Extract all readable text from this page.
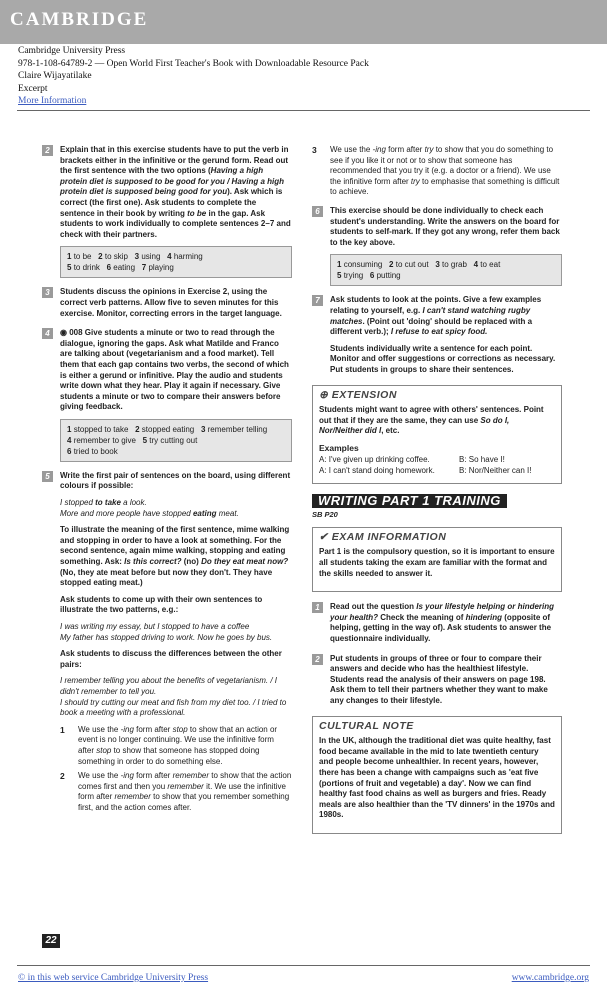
CAMBRIDGE
Cambridge University Press
978-1-108-64789-2 — Open World First Teacher's Book with Downloadable Resource Pack
Claire Wijayatilake
Excerpt
More Information
2	Explain that in this exercise students have to put the verb in brackets either in the infinitive or the gerund form. Read out the first sentence with the two options (Having a high protein diet is supposed to be good for you / Having a high protein diet is supposed being good for you). Ask which is correct (the first one). Ask students to complete the sentence in their book by writing to be in the gap. Ask students to work individually to complete sentences 2–7 and check with their partners.

1 to be 2 to skip 3 using 4 harming
5 to drink 6 eating 7 playing
3	Students discuss the opinions in Exercise 2, using the correct verb patterns. Allow five to seven minutes for this exercise. Monitor, correcting errors in the target language.

4	◉ 008 Give students a minute or two to read through the dialogue, ignoring the gaps. Ask what Matilde and Franco are talking about (vegetarianism and a food market). Tell them that each gap contains two verbs, the second of which is either a gerund or infinitive. Play the audio and students write down what they hear. Play it again if necessary. Give students a minute or two to compare their answers before giving feedback.

1 stopped to take 2 stopped eating 3 remember telling
4 remember to give 5 try cutting out
6 tried to book
5	Write the first pair of sentences on the board, using different colours if possible:

I stopped to take a look.
More and more people have stopped eating meat.

To illustrate the meaning of the first sentence, mime walking and stopping in order to have a look at something. For the second sentence, again mime walking, stopping and eating something. Ask: Is this correct? (no) Do they eat meat now? (No, they ate meat before but now they don't. They have stopped eating meat.)

Ask students to come up with their own sentences to illustrate the two patterns, e.g.:

I was writing my essay, but I stopped to have a coffee
My father has stopped driving to work. Now he goes by bus.

Ask students to discuss the differences between the other pairs:

I remember telling you about the benefits of vegetarianism. / I didn't remember to tell you.
I should try cutting our meat and fish from my diet too. / I tried to book a meeting with a professional.

1 We use the -ing form after stop to show that an action or event is no longer continuing. We use the infinitive form after stop to show that someone has stopped doing something in order to do something else.
2 We use the -ing form after remember to show that the action comes first and then you remember it. We use the infinitive form after remember to show that you remember something first, and the action comes after.
3 We use the -ing form after try to show that you do something to see if you like it or not or to show that someone has recommended that you try it (e.g. a doctor or a friend). We use the infinitive form after try to emphasise that something is difficult to achieve.
6	This exercise should be done individually to check each student's understanding. Write the answers on the board for students to self-mark. If they got any wrong, refer them back to the key above.

1 consuming 2 to cut out 3 to grab 4 to eat
5 trying 6 putting
7	Ask students to look at the points. Give a few examples relating to yourself, e.g. I can't stand watching rugby matches. (Point out 'doing' should be replaced with a different verb.); I refuse to eat spicy food.

Students individually write a sentence for each point. Monitor and offer suggestions or corrections as necessary. Put students in groups to share their sentences.

⊕ EXTENSION

Students might want to agree with others' sentences. Point out that if they are the same, they can use So do I, Nor/Neither did I, etc.

Examples
A: I've given up drinking coffee.	B: So have I!
A: I can't stand doing homework.	B: Nor/Neither can I!
WRITING PART 1 TRAINING
SB P20
✔ EXAM INFORMATION

Part 1 is the compulsory question, so it is important to ensure all students taking the exam are familiar with the format and the skills needed to answer it.

1	Read out the question Is your lifestyle helping or hindering your health? Check the meaning of hindering (opposite of helping, getting in the way of). Ask students to answer the questionnaire individually.

2	Put students in groups of three or four to compare their answers and decide who has the healthiest lifestyle. Students read the analysis of their answers on page 198. Ask them to tell their partners whether they want to make any changes to their lifestyle.

CULTURAL NOTE

In the UK, although the traditional diet was quite healthy, fast food became available in the mid to late twentieth century and people become unhealthier. In recent years, however, there has been a change with campaigns such as 'eat five (portions of fruit and vegetable) a day'. Now we can find healthy fast food chains as well as burgers and fries. Ready meals are also healthier than the 'TV dinners' in the 1970s and 1980s.

22
© in this web service Cambridge University Press	www.cambridge.org
